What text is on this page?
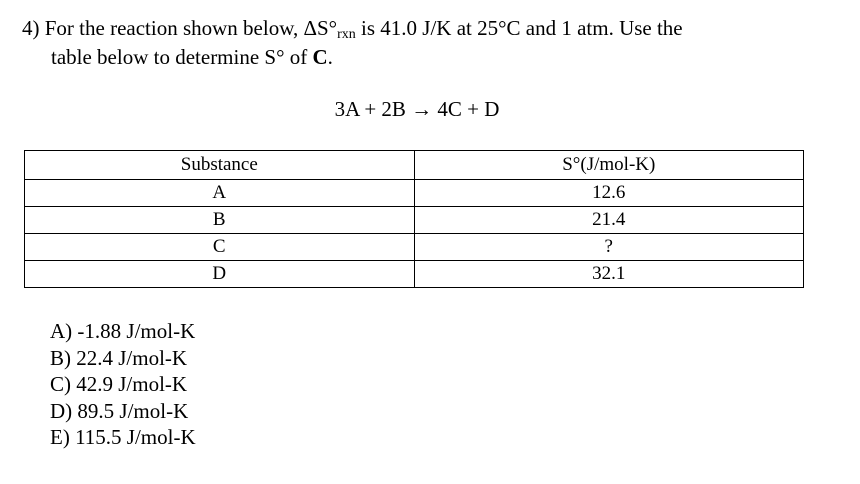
4) For the reaction shown below, $\Delta S^\circ_{rxn}$ is 41.0 J/K at 25°C and 1 atm. Use the
table below to determine S° of C.
3A + 2B → 4C + D
Substance	S°(J/mol-K)
A	12.6
B	21.4
C	?
D	32.1
A) -1.88 J/mol-K
B) 22.4 J/mol-K
C) 42.9 J/mol-K
D) 89.5 J/mol-K
E) 115.5 J/mol-K
